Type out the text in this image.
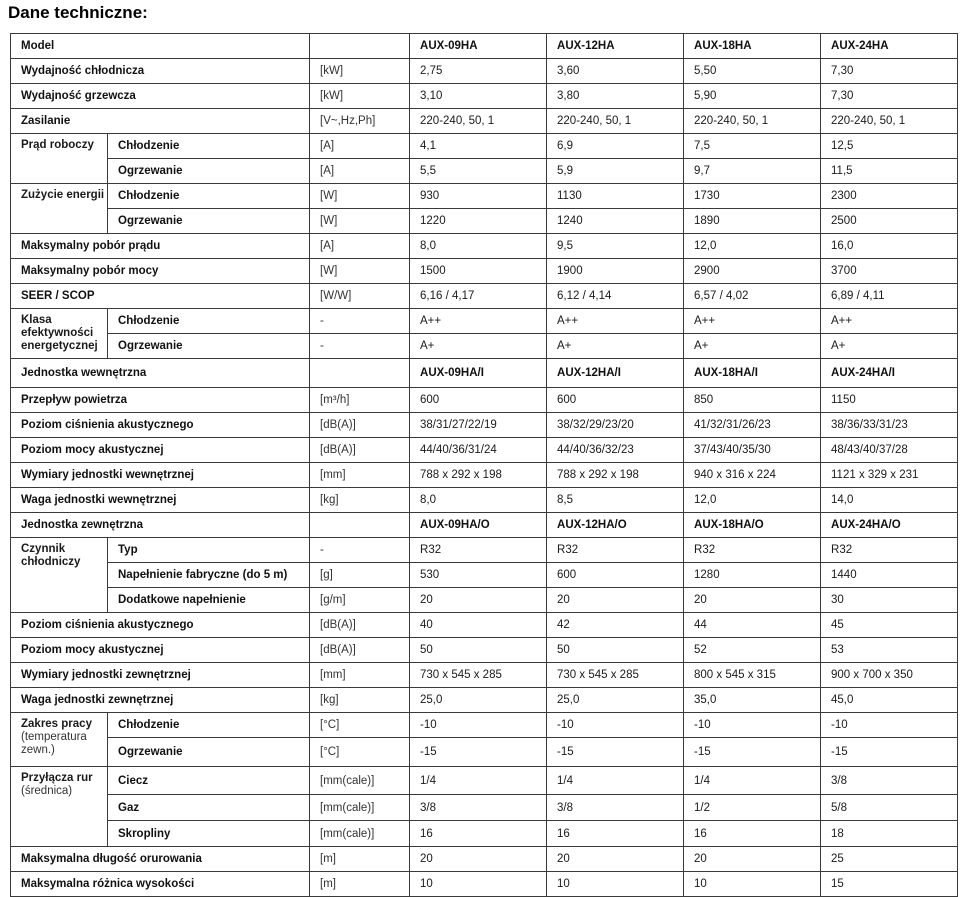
Dane techniczne:
Model			AUX-09HA	AUX-12HA	AUX-18HA	AUX-24HA
Wydajność chłodnicza		[kW]	2,75	3,60	5,50	7,30
Wydajność grzewcza		[kW]	3,10	3,80	5,90	7,30
Zasilanie		[V~,Hz,Ph]	220-240, 50, 1	220-240, 50, 1	220-240, 50, 1	220-240, 50, 1
Prąd roboczy	Chłodzenie	[A]	4,1	6,9	7,5	12,5
	Ogrzewanie	[A]	5,5	5,9	9,7	11,5
Zużycie energii	Chłodzenie	[W]	930	1130	1730	2300
	Ogrzewanie	[W]	1220	1240	1890	2500
Maksymalny pobór prądu		[A]	8,0	9,5	12,0	16,0
Maksymalny pobór mocy		[W]	1500	1900	2900	3700
SEER / SCOP		[W/W]	6,16 / 4,17	6,12 / 4,14	6,57 / 4,02	6,89 / 4,11
Klasa efektywności energetycznej	Chłodzenie	-	A++	A++	A++	A++
	Ogrzewanie	-	A+	A+	A+	A+
Jednostka wewnętrzna			AUX-09HA/I	AUX-12HA/I	AUX-18HA/I	AUX-24HA/I
Przepływ powietrza		[m³/h]	600	600	850	1150
Poziom ciśnienia akustycznego		[dB(A)]	38/31/27/22/19	38/32/29/23/20	41/32/31/26/23	38/36/33/31/23
Poziom mocy akustycznej		[dB(A)]	44/40/36/31/24	44/40/36/32/23	37/43/40/35/30	48/43/40/37/28
Wymiary jednostki wewnętrznej		[mm]	788 x 292 x 198	788 x 292 x 198	940 x 316 x 224	1121 x 329 x 231
Waga jednostki wewnętrznej		[kg]	8,0	8,5	12,0	14,0
Jednostka zewnętrzna			AUX-09HA/O	AUX-12HA/O	AUX-18HA/O	AUX-24HA/O
Czynnik chłodniczy	Typ	-	R32	R32	R32	R32
	Napełnienie fabryczne (do 5 m)	[g]	530	600	1280	1440
	Dodatkowe napełnienie	[g/m]	20	20	20	30
Poziom ciśnienia akustycznego		[dB(A)]	40	42	44	45
Poziom mocy akustycznej		[dB(A)]	50	50	52	53
Wymiary jednostki zewnętrznej		[mm]	730 x 545 x 285	730 x 545 x 285	800 x 545 x 315	900 x 700 x 350
Waga jednostki zewnętrznej		[kg]	25,0	25,0	35,0	45,0
Zakres pracy
(temperatura zewn.)	Chłodzenie	[°C]	-10	-10	-10	-10
	Ogrzewanie	[°C]	-15	-15	-15	-15
Przyłącza rur
(średnica)	Ciecz	[mm(cale)]	1/4	1/4	1/4	3/8
	Gaz	[mm(cale)]	3/8	3/8	1/2	5/8
	Skropliny	[mm(cale)]	16	16	16	18
Maksymalna długość orurowania		[m]	20	20	20	25
Maksymalna różnica wysokości		[m]	10	10	10	15
